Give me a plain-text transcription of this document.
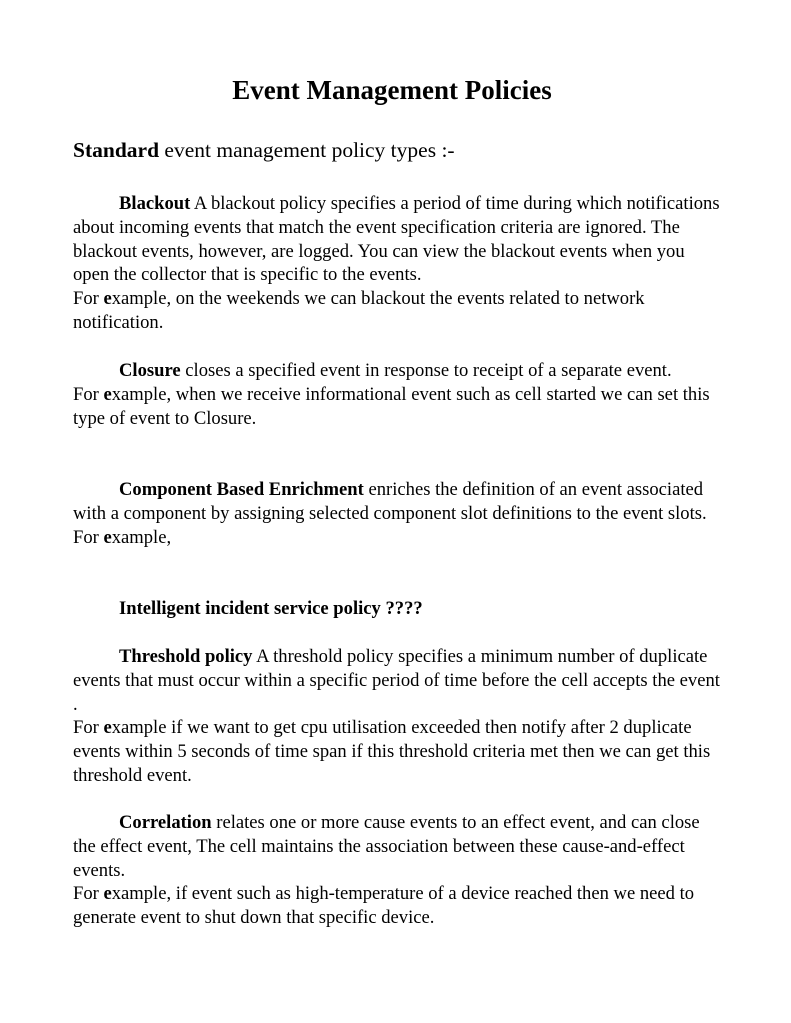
Event Management Policies
Standard event management policy types :-

Blackout A blackout policy specifies a period of time during which notifications about incoming events that match the event specification criteria are ignored. The blackout events, however, are logged. You can view the blackout events when you open the collector that is specific to the events.

For example, on the weekends we can blackout the events related to network notification.

Closure closes a specified event in response to receipt of a separate event.

For example, when we receive informational event such as cell started we can set this type of event to Closure.

Component Based Enrichment enriches the definition of an event associated with a component by assigning selected component slot definitions to the event slots.

For example,

Intelligent incident service policy ????

Threshold policy A threshold policy specifies a minimum number of duplicate events that must occur within a specific period of time before the cell accepts the event .

For example if we want to get cpu utilisation exceeded then notify after 2 duplicate events within 5 seconds of time span if this threshold criteria met then we can get this threshold event.

Correlation relates one or more cause events to an effect event, and can close the effect event, The cell maintains the association between these cause-and-effect events.

For example, if event such as high-temperature of a device reached then we need to generate event to shut down that specific device.
